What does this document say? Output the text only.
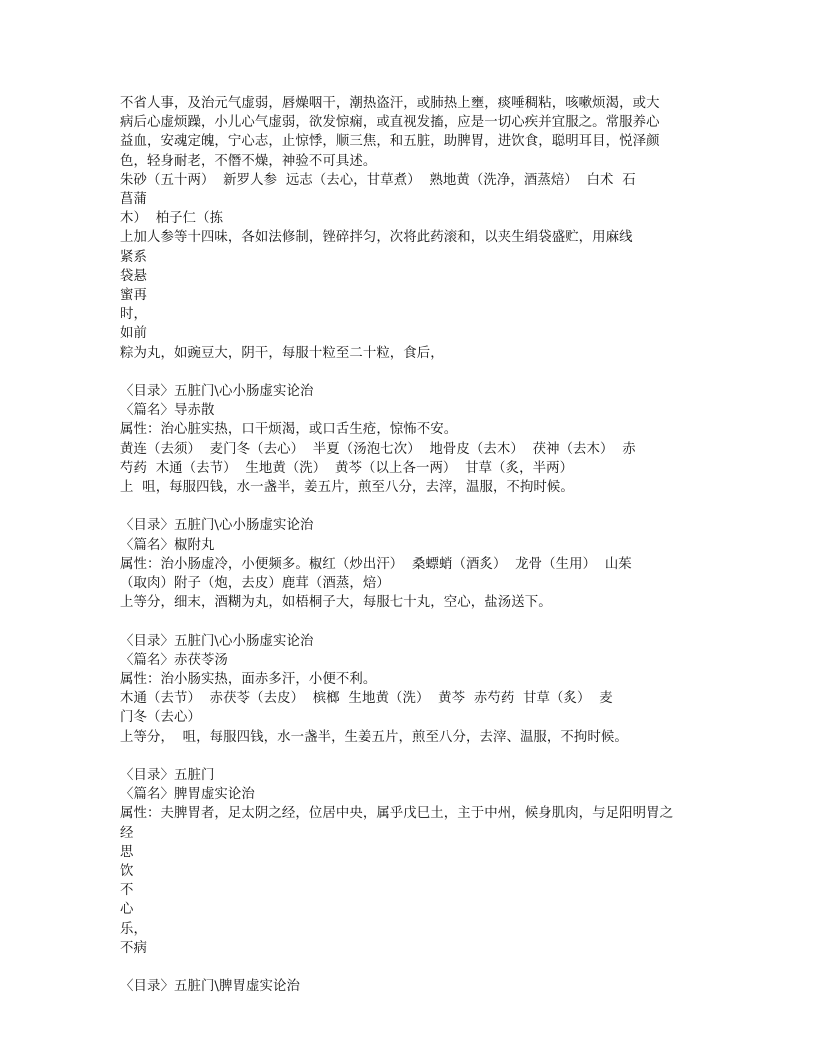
不省人事，及治元气虚弱，唇燥咽干，潮热盗汗，或肺热上壅，痰唾稠粘，咳嗽烦渴，或大
病后心虚烦躁，小儿心气虚弱，欲发惊痫，或直视发搐，应是一切心疾并宜服之。常服养心
益血，安魂定魄，宁心志，止惊悸，顺三焦，和五脏，助脾胃，进饮食，聪明耳目，悦泽颜
色，轻身耐老，不僭不燥，神验不可具述。
朱砂（五十两）  新罗人参  远志（去心，甘草煮）  熟地黄（洗净，酒蒸焙）  白术  石
菖蒲
木）  柏子仁（拣
上加人参等十四味，各如法修制，锉碎拌匀，次将此药滚和，以夹生绢袋盛贮，用麻线
紧系
袋悬
蜜再
时，
如前
粽为丸，如豌豆大，阴干，每服十粒至二十粒，食后，
〈目录〉五脏门\心小肠虚实论治
〈篇名〉导赤散
属性：治心脏实热，口干烦渴，或口舌生疮，惊怖不安。
黄连（去须）  麦门冬（去心）  半夏（汤泡七次）  地骨皮（去木）  茯神（去木）  赤
芍药  木通（去节）  生地黄（洗）  黄芩（以上各一两）  甘草（炙，半两）
上  咀，每服四钱，水一盏半，姜五片，煎至八分，去滓，温服，不拘时候。
〈目录〉五脏门\心小肠虚实论治
〈篇名〉椒附丸
属性：治小肠虚冷，小便频多。椒红（炒出汗）  桑螵蛸（酒炙）  龙骨（生用）  山茱
（取肉）附子（炮，去皮）鹿茸（酒蒸，焙）
上等分，细末，酒糊为丸，如梧桐子大，每服七十丸，空心，盐汤送下。
〈目录〉五脏门\心小肠虚实论治
〈篇名〉赤茯苓汤
属性：治小肠实热，面赤多汗，小便不利。
木通（去节）  赤茯苓（去皮）  槟榔  生地黄（洗）  黄芩  赤芍药  甘草（炙）  麦
门冬（去心）
上等分，  咀，每服四钱，水一盏半，生姜五片，煎至八分，去滓、温服，不拘时候。
〈目录〉五脏门
〈篇名〉脾胃虚实论治
属性：夫脾胃者，足太阴之经，位居中央，属乎戊巳土，主于中州，候身肌肉，与足阳明胃之
经
思
饮
不
心
乐，
不病
〈目录〉五脏门\脾胃虚实论治
